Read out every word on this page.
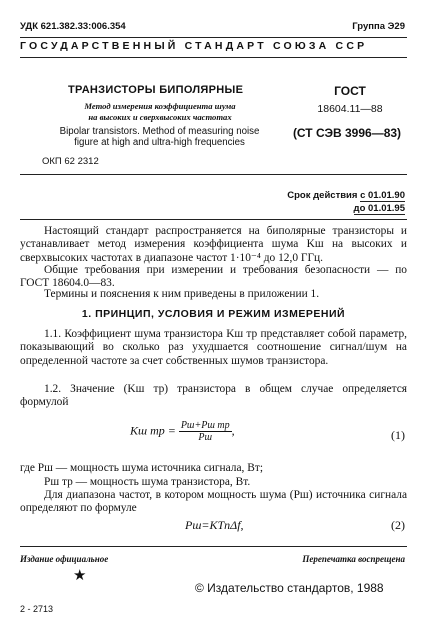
УДК 621.382.33:006.354	Группа Э29
ГОСУДАРСТВЕННЫЙ СТАНДАРТ СОЮЗА ССР
ТРАНЗИСТОРЫ БИПОЛЯРНЫЕ
Метод измерения коэффициента шума
на высоких и сверхвысоких частотах
Bipolar transistors. Method of measuring noise
figure at high and ultra-high frequencies
ГОСТ
18604.11—88
(СТ СЭВ 3996—83)
ОКП 62 2312
Срок действия с 01.01.90
до 01.01.95
Настоящий стандарт распространяется на биполярные транзисторы и устанавливает метод измерения коэффициента шума Kш на высоких и сверхвысоких частотах в диапазоне частот 1·10⁻⁴ до 12,0 ГГц.
Общие требования при измерении и требования безопасности — по ГОСТ 18604.0—83.
Термины и пояснения к ним приведены в приложении 1.
1. ПРИНЦИП, УСЛОВИЯ И РЕЖИМ ИЗМЕРЕНИЙ
1.1. Коэффициент шума транзистора Kш тр представляет собой параметр, показывающий во сколько раз ухудшается соотношение сигнал/шум на определенной частоте за счет собственных шумов транзистора.
1.2. Значение (Kш тр) транзистора в общем случае определяется формулой
Kш тр = $\frac{\text{Pш+Pш тр}}{Pш}$ ,	(1)
где Pш — мощность шума источника сигнала, Вт;
Pш тр — мощность шума транзистора, Вт.
Для диапазона частот, в котором мощность шума (Pш) источника сигнала определяют по формуле
Pш=KTпΔf,	(2)
Издание официальное	Перепечатка воспрещена
★
© Издательство стандартов, 1988
2 - 2713
